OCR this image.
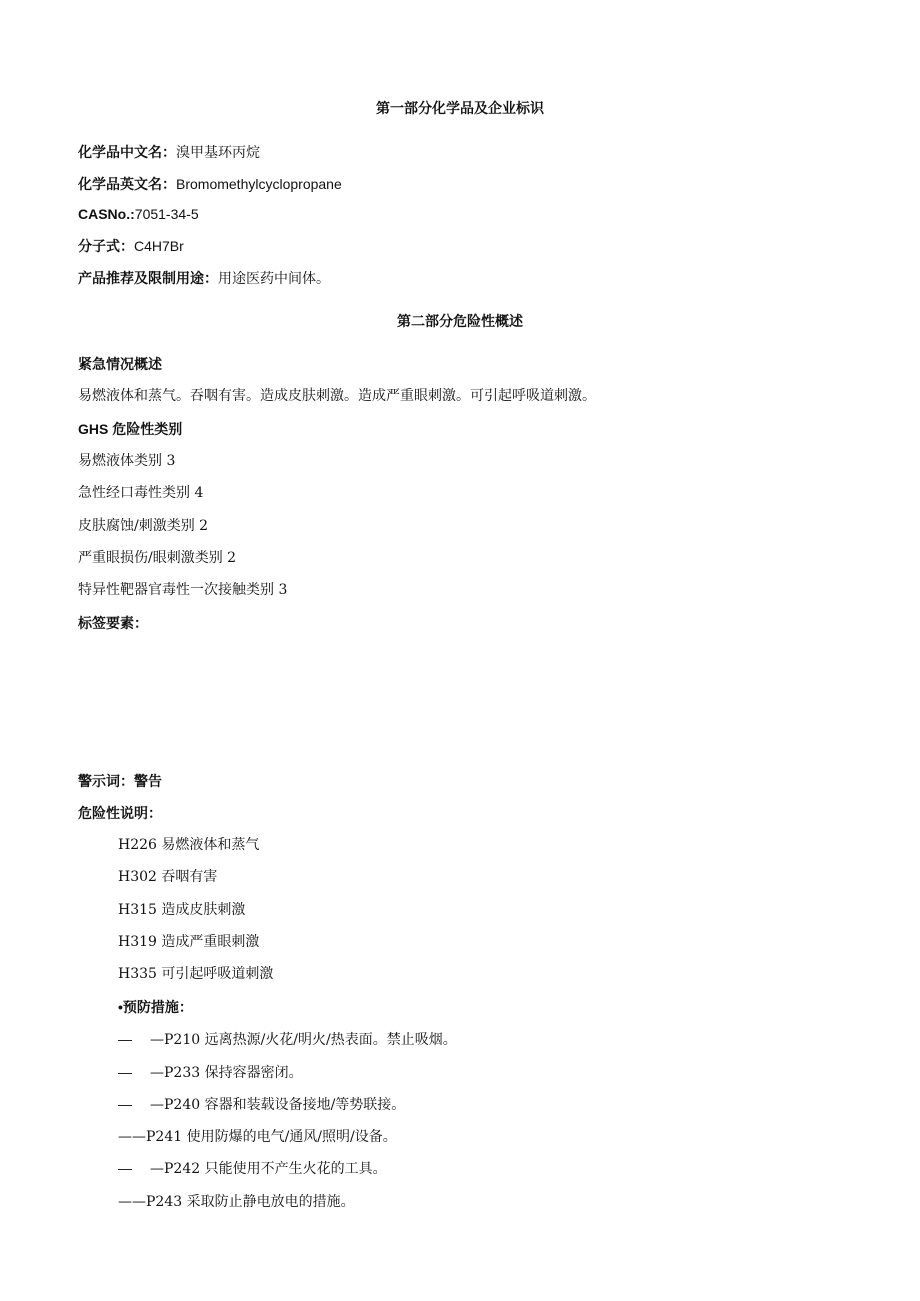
第一部分化学品及企业标识
化学品中文名：溴甲基环丙烷
化学品英文名：Bromomethylcyclopropane
CASNo.:7051-34-5
分子式：C4H7Br
产品推荐及限制用途：用途医药中间体。
第二部分危险性概述
紧急情况概述
易燃液体和蒸气。吞咽有害。造成皮肤刺激。造成严重眼刺激。可引起呼吸道刺激。
GHS 危险性类别
易燃液体类别 3
急性经口毒性类别 4
皮肤腐蚀/刺激类别 2
严重眼损伤/眼刺激类别 2
特异性靶器官毒性一次接触类别 3
标签要素：
警示词：警告
危险性说明：
H226 易燃液体和蒸气
H302 吞咽有害
H315 造成皮肤刺激
H319 造成严重眼刺激
H335 可引起呼吸道刺激
•预防措施：
— —P210 远离热源/火花/明火/热表面。禁止吸烟。
— —P233 保持容器密闭。
— —P240 容器和装载设备接地/等势联接。
——P241 使用防爆的电气/通风/照明/设备。
— —P242 只能使用不产生火花的工具。
——P243 采取防止静电放电的措施。
